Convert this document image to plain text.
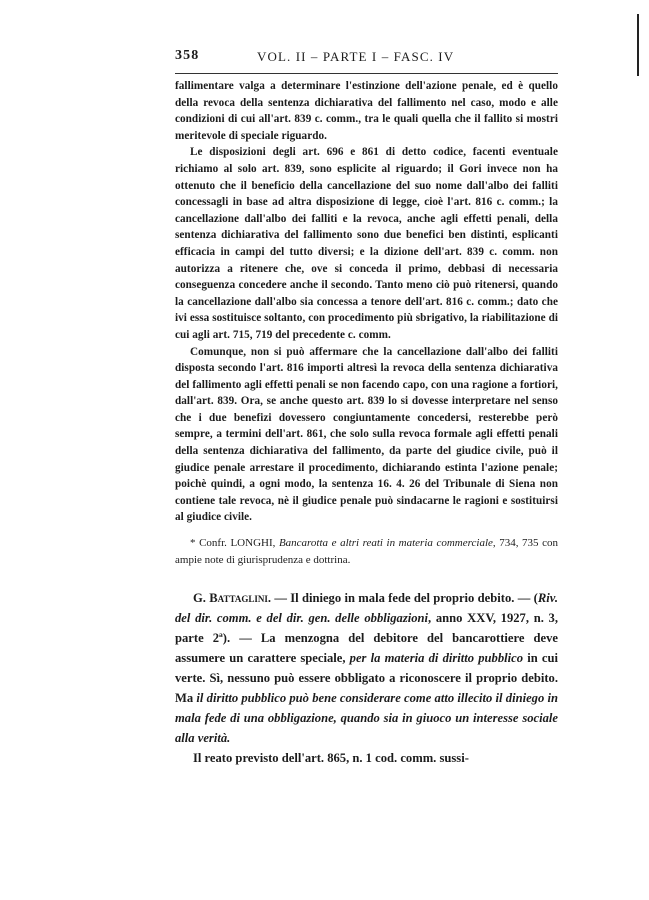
358	VOL. II – PARTE I – FASC. IV

fallimentare valga a determinare l'estinzione dell'azione penale, ed è quello della revoca della sentenza dichiarativa del fallimento nel caso, modo e alle condizioni di cui all'art. 839 c. comm., tra le quali quella che il fallito si mostri meritevole di speciale riguardo.

Le disposizioni degli art. 696 e 861 di detto codice, facenti eventuale richiamo al solo art. 839, sono esplicite al riguardo; il Gori invece non ha ottenuto che il beneficio della cancellazione del suo nome dall'albo dei falliti concessagli in base ad altra disposizione di legge, cioè l'art. 816 c. comm.; la cancellazione dall'albo dei falliti e la revoca, anche agli effetti penali, della sentenza dichiarativa del fallimento sono due benefici ben distinti, esplicanti efficacia in campi del tutto diversi; e la dizione dell'art. 839 c. comm. non autorizza a ritenere che, ove si conceda il primo, debbasi di necessaria conseguenza concedere anche il secondo. Tanto meno ciò può ritenersi, quando la cancellazione dall'albo sia concessa a tenore dell'art. 816 c. comm.; dato che ivi essa sostituisce soltanto, con procedimento più sbrigativo, la riabilitazione di cui agli art. 715, 719 del precedente c. comm.

Comunque, non si può affermare che la cancellazione dall'albo dei falliti disposta secondo l'art. 816 importi altresì la revoca della sentenza dichiarativa del fallimento agli effetti penali se non facendo capo, con una ragione a fortiori, dall'art. 839. Ora, se anche questo art. 839 lo si dovesse interpretare nel senso che i due benefizi dovessero congiuntamente concedersi, resterebbe però sempre, a termini dell'art. 861, che solo sulla revoca formale agli effetti penali della sentenza dichiarativa del fallimento, da parte del giudice civile, può il giudice penale arrestare il procedimento, dichiarando estinta l'azione penale; poichè quindi, a ogni modo, la sentenza 16. 4. 26 del Tribunale di Siena non contiene tale revoca, nè il giudice penale può sindacarne le ragioni e sostituirsi al giudice civile.

* Confr. LONGHI, Bancarotta e altri reati in materia commerciale, 734, 735 con ampie note di giurisprudenza e dottrina.

G. Battaglini. — Il diniego in mala fede del proprio debito. — (Riv. del dir. comm. e del dir. gen. delle obbligazioni, anno XXV, 1927, n. 3, parte 2ª). — La menzogna del debitore del bancarottiere deve assumere un carattere speciale, per la materia di diritto pubblico in cui verte. Sì, nessuno può essere obbligato a riconoscere il proprio debito. Ma il diritto pubblico può bene considerare come atto illecito il diniego in mala fede di una obbligazione, quando sia in giuoco un interesse sociale alla verità.

Il reato previsto dell'art. 865, n. 1 cod. comm. sussi-
